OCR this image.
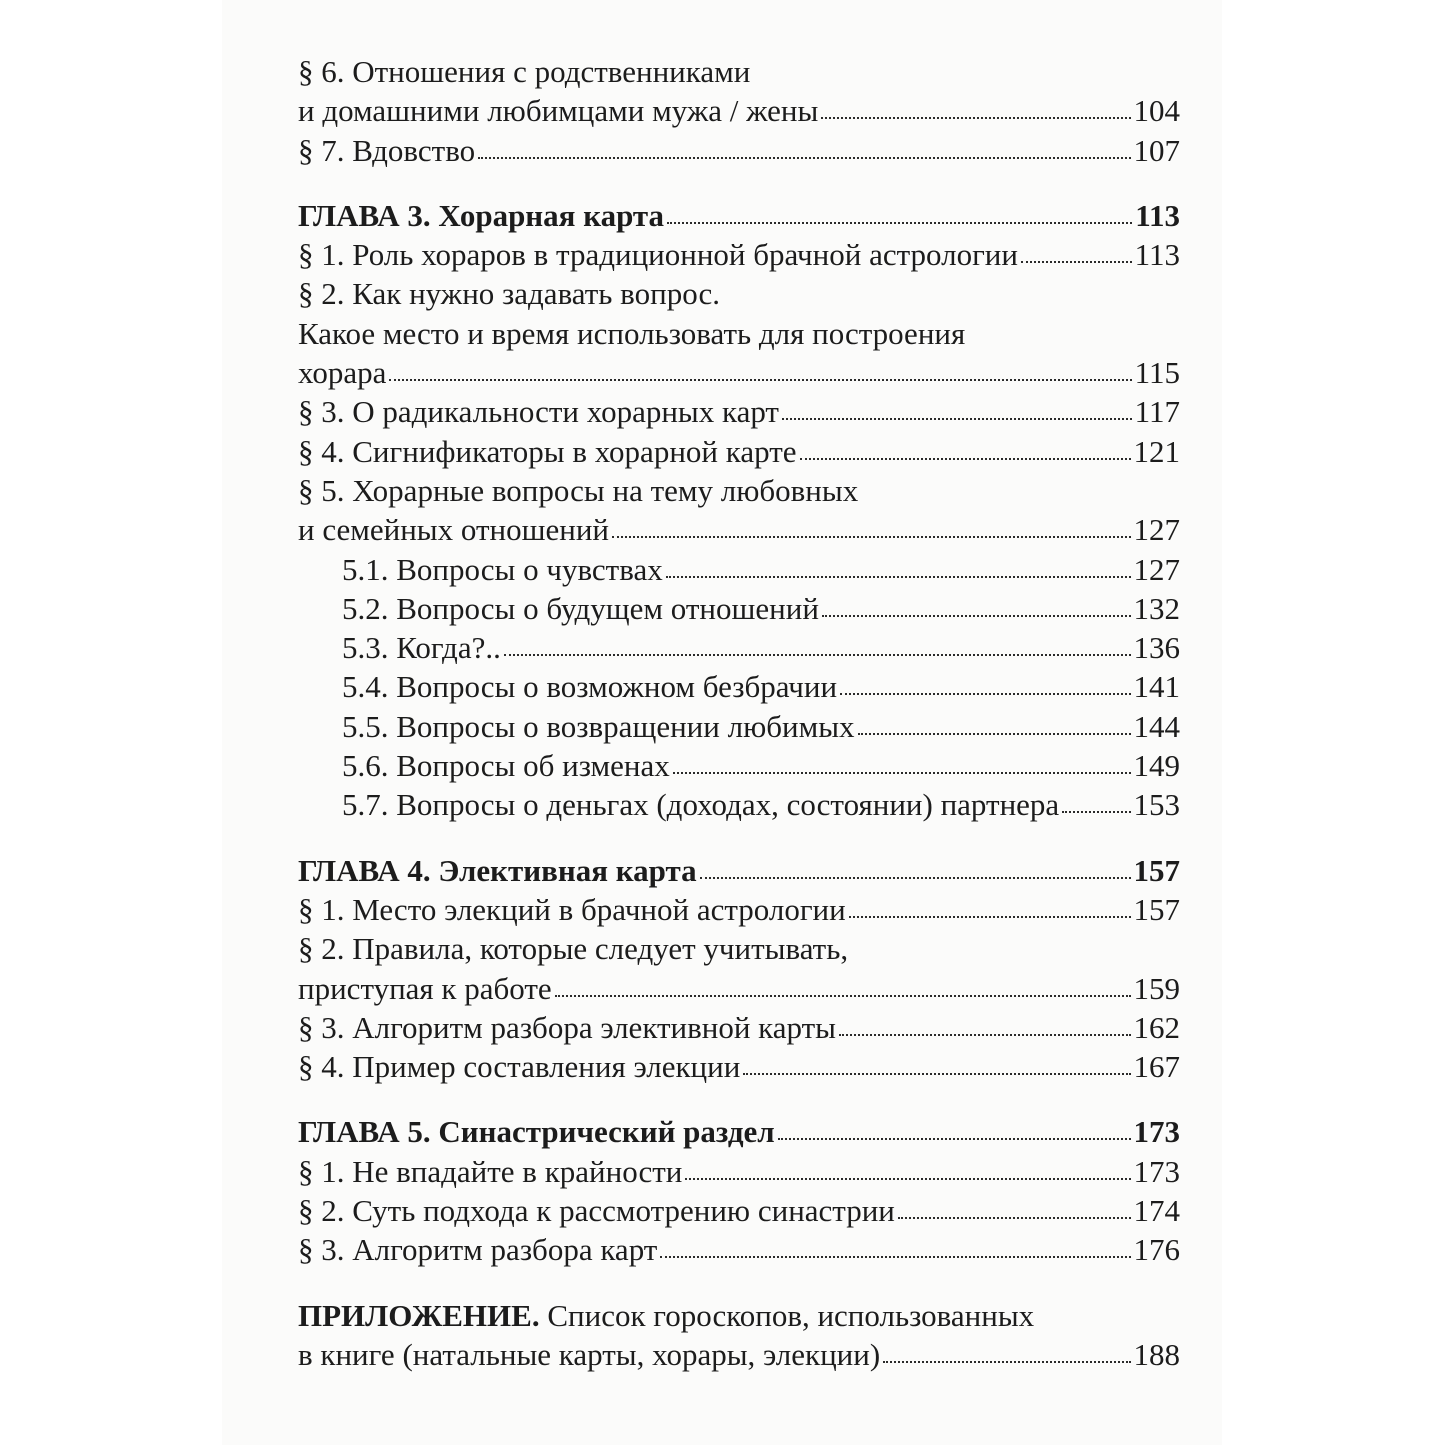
§ 6. Отношения с родственниками
и домашними любимцами мужа / жены	104
§ 7. Вдовство	107
ГЛАВА 3. Хорарная карта	113
§ 1. Роль хораров в традиционной брачной астрологии	113
§ 2. Как нужно задавать вопрос.
Какое место и время использовать для построения
хорара	115
§ 3. О радикальности хорарных карт	117
§ 4. Сигнификаторы в хорарной карте	121
§ 5. Хорарные вопросы на тему любовных
и семейных отношений	127
5.1. Вопросы о чувствах	127
5.2. Вопросы о будущем отношений	132
5.3. Когда?..	136
5.4. Вопросы о возможном безбрачии	141
5.5. Вопросы о возвращении любимых	144
5.6. Вопросы об изменах	149
5.7. Вопросы о деньгах (доходах, состоянии) партнера 153
ГЛАВА 4. Элективная карта	157
§ 1. Место элекций в брачной астрологии	157
§ 2. Правила, которые следует учитывать,
приступая к работе	159
§ 3. Алгоритм разбора элективной карты	162
§ 4. Пример составления элекции	167
ГЛАВА 5. Синастрический раздел	173
§ 1. Не впадайте в крайности	173
§ 2. Суть подхода к рассмотрению синастрии	174
§ 3. Алгоритм разбора карт	176
ПРИЛОЖЕНИЕ.
Список гороскопов, использованных
в книге (натальные карты, хорары, элекции)	188
